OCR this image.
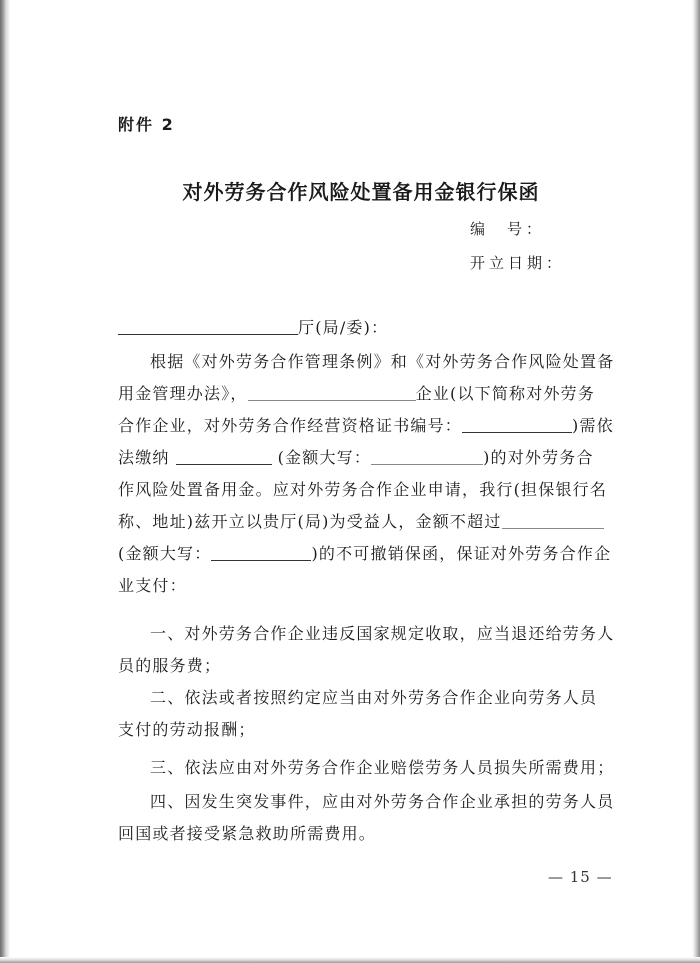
附件 2
对外劳务合作风险处置备用金银行保函
编号：
开立日期：
厅(局/委)：
根据《对外劳务合作管理条例》和《对外劳务合作风险处置备
用金管理办法》，	企业(以下简称对外劳务
合作企业，对外劳务合作经营资格证书编号：	)需依
法缴纳	(金额大写：	)的对外劳务合
作风险处置备用金。应对外劳务合作企业申请，我行(担保银行名
称、地址)兹开立以贵厅(局)为受益人，金额不超过
(金额大写：	)的不可撤销保函，保证对外劳务合作企
业支付：
一、对外劳务合作企业违反国家规定收取，应当退还给劳务人
员的服务费；
二、依法或者按照约定应当由对外劳务合作企业向劳务人员
支付的劳动报酬；
三、依法应由对外劳务合作企业赔偿劳务人员损失所需费用；
四、因发生突发事件，应由对外劳务合作企业承担的劳务人员
回国或者接受紧急救助所需费用。
— 15 —
